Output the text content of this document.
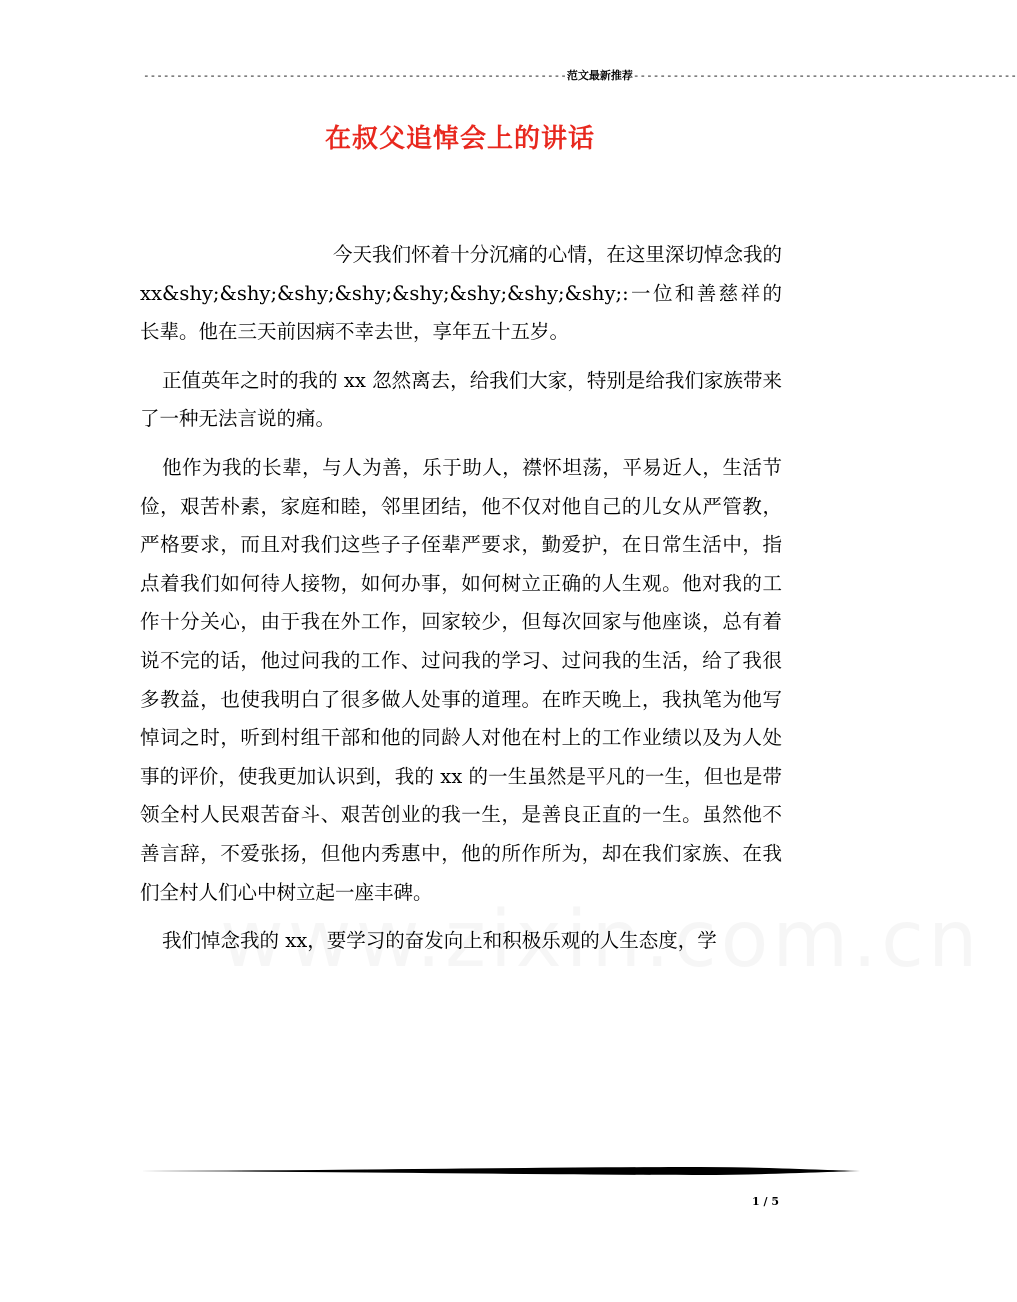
----------------------------------------------------------------范文最新推荐----------------------------------------------------------
在叔父追悼会上的讲话

今天我们怀着十分沉痛的心情，在这里深切悼念我的 xx&shy;&shy;&shy;&shy;&shy;&shy;&shy;&shy;:一位和善慈祥的长辈。他在三天前因病不幸去世，享年五十五岁。

正值英年之时的我的 xx 忽然离去，给我们大家，特别是给我们家族带来了一种无法言说的痛。

他作为我的长辈，与人为善，乐于助人，襟怀坦荡，平易近人，生活节俭，艰苦朴素，家庭和睦，邻里团结，他不仅对他自己的儿女从严管教，严格要求，而且对我们这些子子侄辈严要求，勤爱护，在日常生活中，指点着我们如何待人接物，如何办事，如何树立正确的人生观。他对我的工作十分关心，由于我在外工作，回家较少，但每次回家与他座谈，总有着说不完的话，他过问我的工作、过问我的学习、过问我的生活，给了我很多教益，也使我明白了很多做人处事的道理。在昨天晚上，我执笔为他写悼词之时，听到村组干部和他的同龄人对他在村上的工作业绩以及为人处事的评价，使我更加认识到，我的 xx 的一生虽然是平凡的一生，但也是带领全村人民艰苦奋斗、艰苦创业的我一生，是善良正直的一生。虽然他不善言辞，不爱张扬，但他内秀惠中，他的所作所为，却在我们家族、在我们全村人们心中树立起一座丰碑。

我们悼念我的 xx，要学习的奋发向上和积极乐观的人生态度，学

1 / 5
